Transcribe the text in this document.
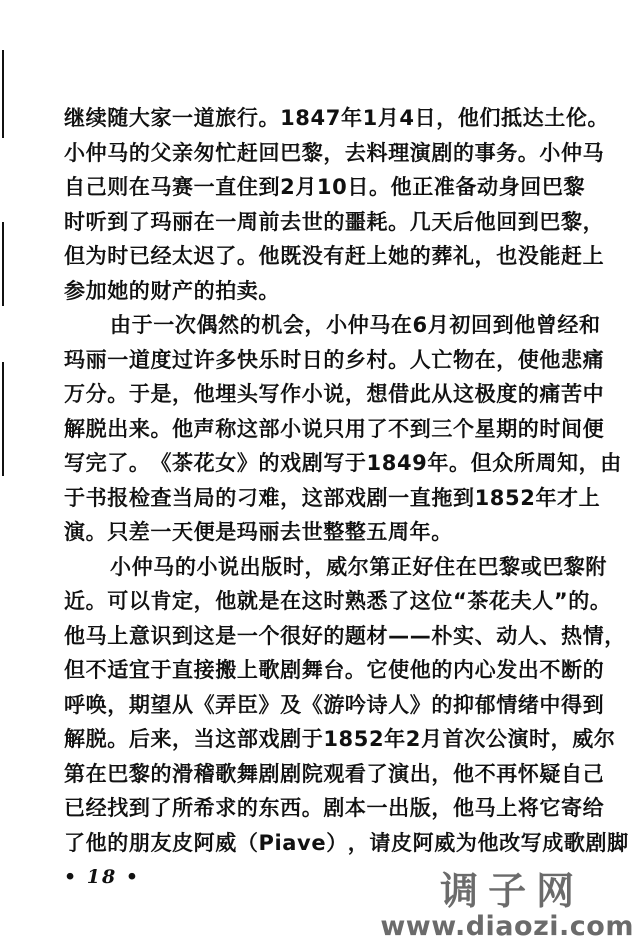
继 续 随 大 家 一 道 旅 行 。 1847 年 1 月 4 日 ， 他 们 抵 达 土 伦 。
小 仲 马 的 父 亲 匆 忙 赶 回 巴 黎 ， 去 料 理 演 剧 的 事 务 。 小 仲 马
自 己 则 在 马 赛 一 直 住 到 2 月 10 日 。 他 正 准 备 动 身 回 巴 黎
时 听 到 了 玛 丽 在 一 周 前 去 世 的 噩 耗 。 几 天 后 他 回 到 巴 黎 ，
但 为 时 已 经 太 迟 了 。 他 既 没 有 赶 上 她 的 葬 礼 ， 也 没 能 赶 上
参加她的财产的拍卖。
由 于 一 次 偶 然 的 机 会 ， 小 仲 马 在 6 月 初 回 到 他 曾 经 和
玛 丽 一 道 度 过 许 多 快 乐 时 日 的 乡 村 。 人 亡 物 在 ， 使 他 悲 痛
万 分 。 于 是 ， 他 埋 头 写 作 小 说 ， 想 借 此 从 这 极 度 的 痛 苦 中
解 脱 出 来 。 他 声 称 这 部 小 说 只 用 了 不 到 三 个 星 期 的 时 间 便
写 完 了 。 《 茶 花 女 》 的 戏 剧 写 于 1849 年 。 但 众 所 周 知 ， 由
于 书 报 检 查 当 局 的 刁 难 ， 这 部 戏 剧 一 直 拖 到 1852 年 才 上
演。只差一天便是玛丽去世整整五周年。
小 仲 马 的 小 说 出 版 时 ， 威 尔 第 正 好 住 在 巴 黎 或 巴 黎 附
近 。 可 以 肯 定 ， 他 就 是 在 这 时 熟 悉 了 这 位 “ 茶 花 夫 人 ” 的 。
他 马 上 意 识 到 这 是 一 个 很 好 的 题 材 — — 朴 实 、 动 人 、 热 情 ，
但 不 适 宜 于 直 接 搬 上 歌 剧 舞 台 。 它 使 他 的 内 心 发 出 不 断 的
呼 唤 ， 期 望 从 《 弄 臣 》 及 《 游 吟 诗 人 》 的 抑 郁 情 绪 中 得 到
解 脱 。 后 来 ， 当 这 部 戏 剧 于 1852 年 2 月 首 次 公 演 时 ， 威 尔
第 在 巴 黎 的 滑 稽 歌 舞 剧 剧 院 观 看 了 演 出 ， 他 不 再 怀 疑 自 己
已 经 找 到 了 所 希 求 的 东 西 。 剧 本 一 出 版 ， 他 马 上 将 它 寄 给
了 他 的 朋 友 皮 阿 威 （ Piave ） ， 请 皮 阿 威 为 他 改 写 成 歌 剧 脚
• 18 •	调子网
www.diaozi.com
